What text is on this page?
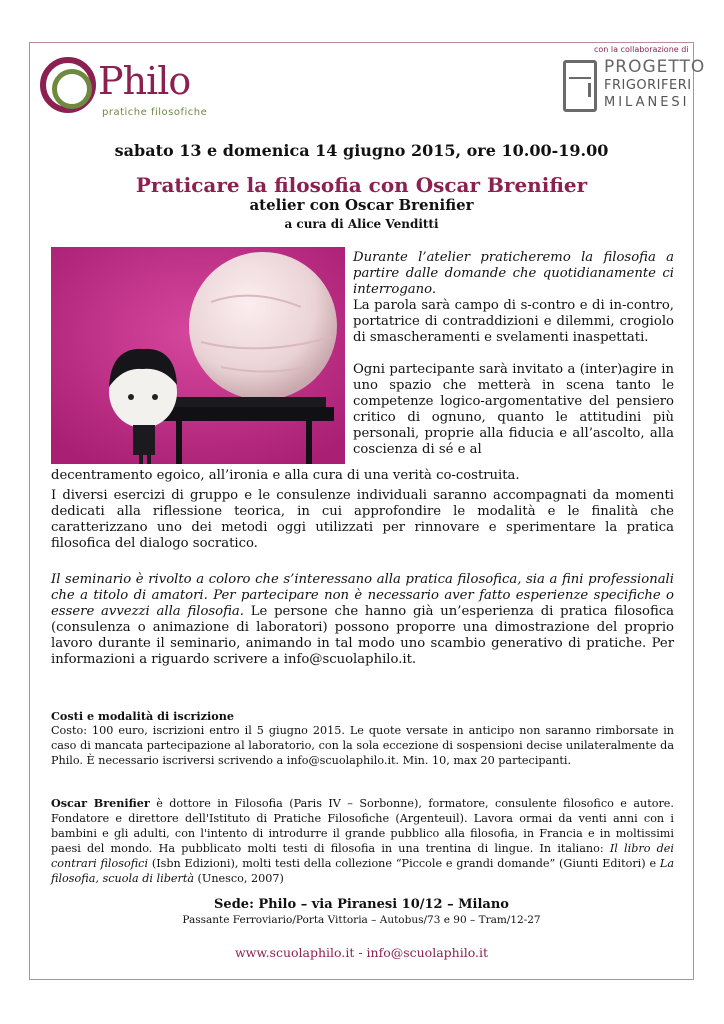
Philo
pratiche filosofiche
con la collaborazione di
PROGETTO
FRIGORIFERI
MILANESI
sabato 13 e domenica 14 giugno 2015, ore 10.00-19.00
Praticare la filosofia con Oscar Brenifier
atelier con Oscar Brenifier
a cura di Alice Venditti
Durante l’atelier praticheremo la filosofia a partire dalle domande che quotidianamente ci interrogano.
La parola sarà campo di s-contro e di in-contro, portatrice di contraddizioni e dilemmi, crogiolo di smascheramenti e svelamenti inaspettati.
Ogni partecipante sarà invitato a (inter)agire in uno spazio che metterà in scena tanto le competenze logico-argomentative del pensiero critico di ognuno, quanto le attitudini più personali, proprie alla fiducia e all’ascolto, alla coscienza di sé e al
decentramento egoico, all’ironia e alla cura di una verità co-costruita.
I diversi esercizi di gruppo e le consulenze individuali saranno accompagnati da momenti dedicati alla riflessione teorica, in cui approfondire le modalità e le finalità che caratterizzano uno dei metodi oggi utilizzati per rinnovare e sperimentare la pratica filosofica del dialogo socratico.
Il seminario è rivolto a coloro che s’interessano alla pratica filosofica, sia a fini professionali che a titolo di amatori. Per partecipare non è necessario aver fatto esperienze specifiche o essere avvezzi alla filosofia. Le persone che hanno già un’esperienza di pratica filosofica (consulenza o animazione di laboratori) possono proporre una dimostrazione del proprio lavoro durante il seminario, animando in tal modo uno scambio generativo di pratiche. Per informazioni a riguardo scrivere a info@scuolaphilo.it.
Costi e modalità di iscrizione
Costo: 100 euro, iscrizioni entro il 5 giugno 2015. Le quote versate in anticipo non saranno rimborsate in caso di mancata partecipazione al laboratorio, con la sola eccezione di sospensioni decise unilateralmente da Philo. È necessario iscriversi scrivendo a info@scuolaphilo.it. Min. 10, max 20 partecipanti.
Oscar Brenifier è dottore in Filosofia (Paris IV – Sorbonne), formatore, consulente filosofico e autore. Fondatore e direttore dell'Istituto di Pratiche Filosofiche (Argenteuil). Lavora ormai da venti anni con i bambini e gli adulti, con l'intento di introdurre il grande pubblico alla filosofia, in Francia e in moltissimi paesi del mondo. Ha pubblicato molti testi di filosofia in una trentina di lingue. In italiano: Il libro dei contrari filosofici (Isbn Edizioni), molti testi della collezione “Piccole e grandi domande” (Giunti Editori) e La filosofia, scuola di libertà (Unesco, 2007)
Sede: Philo – via Piranesi 10/12 – Milano
Passante Ferroviario/Porta Vittoria – Autobus/73 e 90 – Tram/12-27
www.scuolaphilo.it - info@scuolaphilo.it
